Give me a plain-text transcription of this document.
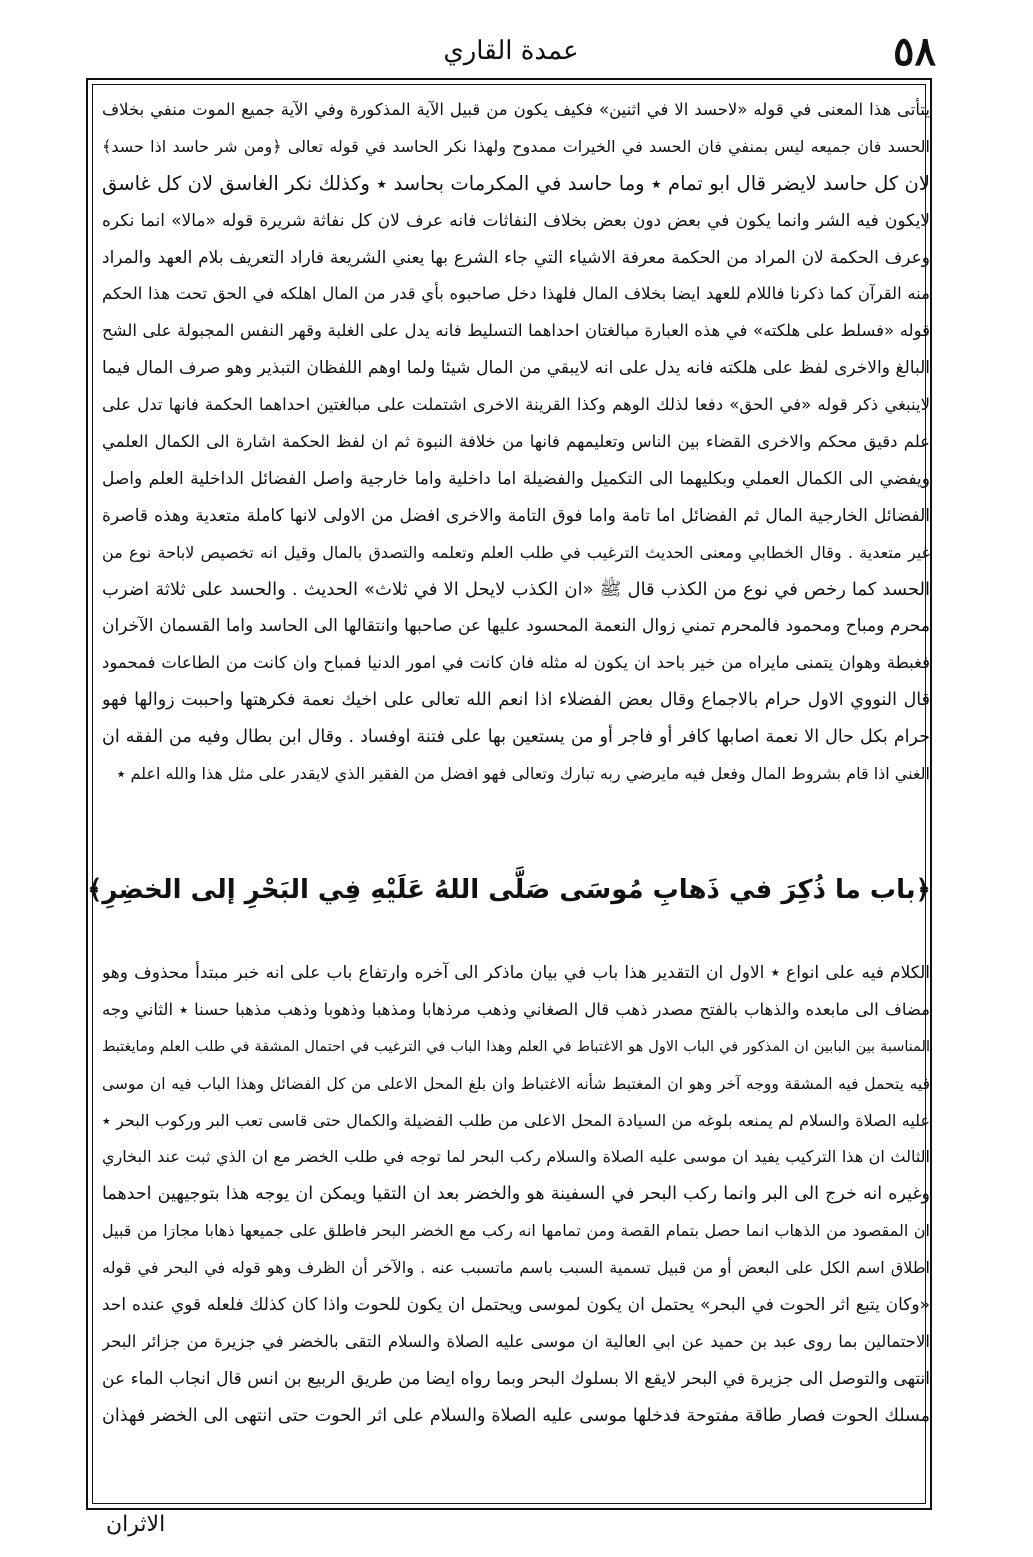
عمدة القاري	٥٨

يتأتى هذا المعنى في قوله «لاحسد الا في اثنين» فكيف يكون من قبيل الآية المذكورة وفي الآية جميع الموت منفي بخلاف

الحسد فان جميعه ليس بمنفي فان الحسد في الخيرات ممدوح ولهذا نكر الحاسد في قوله تعالى ﴿ومن شر حاسد اذا حسد﴾

لان كل حاسد لايضر قال ابو تمام ٭ وما حاسد في المكرمات بحاسد ٭ وكذلك نكر الغاسق لان كل غاسق

لايكون فيه الشر وانما يكون في بعض دون بعض بخلاف النفاثات فانه عرف لان كل نفاثة شريرة قوله «مالا» انما نكره

وعرف الحكمة لان المراد من الحكمة معرفة الاشياء التي جاء الشرع بها يعني الشريعة فاراد التعريف بلام العهد والمراد

منه القرآن كما ذكرنا فاللام للعهد ايضا بخلاف المال فلهذا دخل صاحبوه بأي قدر من المال اهلكه في الحق تحت هذا الحكم

قوله «فسلط على هلكته» في هذه العبارة مبالغتان احداهما التسليط فانه يدل على الغلبة وقهر النفس المجبولة على الشح

البالغ والاخرى لفظ على هلكته فانه يدل على انه لايبقي من المال شيئا ولما اوهم اللفظان التبذير وهو صرف المال فيما

لاينبغي ذكر قوله «في الحق» دفعا لذلك الوهم وكذا القرينة الاخرى اشتملت على مبالغتين احداهما الحكمة فانها تدل على

علم دقيق محكم والاخرى القضاء بين الناس وتعليمهم فانها من خلافة النبوة ثم ان لفظ الحكمة اشارة الى الكمال العلمي

ويفضي الى الكمال العملي وبكليهما الى التكميل والفضيلة اما داخلية واما خارجية واصل الفضائل الداخلية العلم واصل

الفضائل الخارجية المال ثم الفضائل اما تامة واما فوق التامة والاخرى افضل من الاولى لانها كاملة متعدية وهذه قاصرة

غير متعدية . وقال الخطابي ومعنى الحديث الترغيب في طلب العلم وتعلمه والتصدق بالمال وقيل انه تخصيص لاباحة نوع من

الحسد كما رخص في نوع من الكذب قال ﷺ «ان الكذب لايحل الا في ثلاث» الحديث . والحسد على ثلاثة اضرب

محرم ومباح ومحمود فالمحرم تمني زوال النعمة المحسود عليها عن صاحبها وانتقالها الى الحاسد واما القسمان الآخران

فغبطة وهوان يتمنى مايراه من خير باحد ان يكون له مثله فان كانت في امور الدنيا فمباح وان كانت من الطاعات فمحمود

قال النووي الاول حرام بالاجماع وقال بعض الفضلاء اذا انعم الله تعالى على اخيك نعمة فكرهتها واحببت زوالها فهو

حرام بكل حال الا نعمة اصابها كافر أو فاجر أو من يستعين بها على فتنة اوفساد . وقال ابن بطال وفيه من الفقه ان

الغني اذا قام بشروط المال وفعل فيه مايرضي ربه تبارك وتعالى فهو افضل من الفقير الذي لايقدر على مثل هذا والله اعلم ٭

﴿باب ما ذُكِرَ في ذَهابِ مُوسَى صَلَّى اللهُ عَلَيْهِ فِي البَحْرِ إلى الخضِرِ﴾

الكلام فيه على انواع ٭ الاول ان التقدير هذا باب في بيان ماذكر الى آخره وارتفاع باب على انه خبر مبتدأ محذوف وهو

مضاف الى مابعده والذهاب بالفتح مصدر ذهب قال الصغاني وذهب مرذهابا ومذهبا وذهوبا وذهب مذهبا حسنا ٭ الثاني وجه

المناسبة بين البابين ان المذكور في الباب الاول هو الاغتباط في العلم وهذا الباب في الترغيب في احتمال المشقة في طلب العلم ومايغتبط

فيه يتحمل فيه المشقة ووجه آخر وهو ان المغتبط شأنه الاغتباط وان بلغ المحل الاعلى من كل الفضائل وهذا الباب فيه ان موسى

عليه الصلاة والسلام لم يمنعه بلوغه من السيادة المحل الاعلى من طلب الفضيلة والكمال حتى قاسى تعب البر وركوب البحر ٭

الثالث ان هذا التركيب يفيد ان موسى عليه الصلاة والسلام ركب البحر لما توجه في طلب الخضر مع ان الذي ثبت عند البخاري

وغيره انه خرج الى البر وانما ركب البحر في السفينة هو والخضر بعد ان التقيا ويمكن ان يوجه هذا بتوجيهين احدهما

ان المقصود من الذهاب انما حصل بتمام القصة ومن تمامها انه ركب مع الخضر البحر فاطلق على جميعها ذهابا مجازا من قبيل

اطلاق اسم الكل على البعض أو من قبيل تسمية السبب باسم ماتسبب عنه . والآخر أن الظرف وهو قوله في البحر في قوله

«وكان يتبع اثر الحوت في البحر» يحتمل ان يكون لموسى ويحتمل ان يكون للحوت واذا كان كذلك فلعله قوي عنده احد

الاحتمالين بما روى عبد بن حميد عن ابي العالية ان موسى عليه الصلاة والسلام التقى بالخضر في جزيرة من جزائر البحر

انتهى والتوصل الى جزيرة في البحر لايقع الا بسلوك البحر وبما رواه ايضا من طريق الربيع بن انس قال انجاب الماء عن

مسلك الحوت فصار طاقة مفتوحة فدخلها موسى عليه الصلاة والسلام على اثر الحوت حتى انتهى الى الخضر فهذان

الاثران
